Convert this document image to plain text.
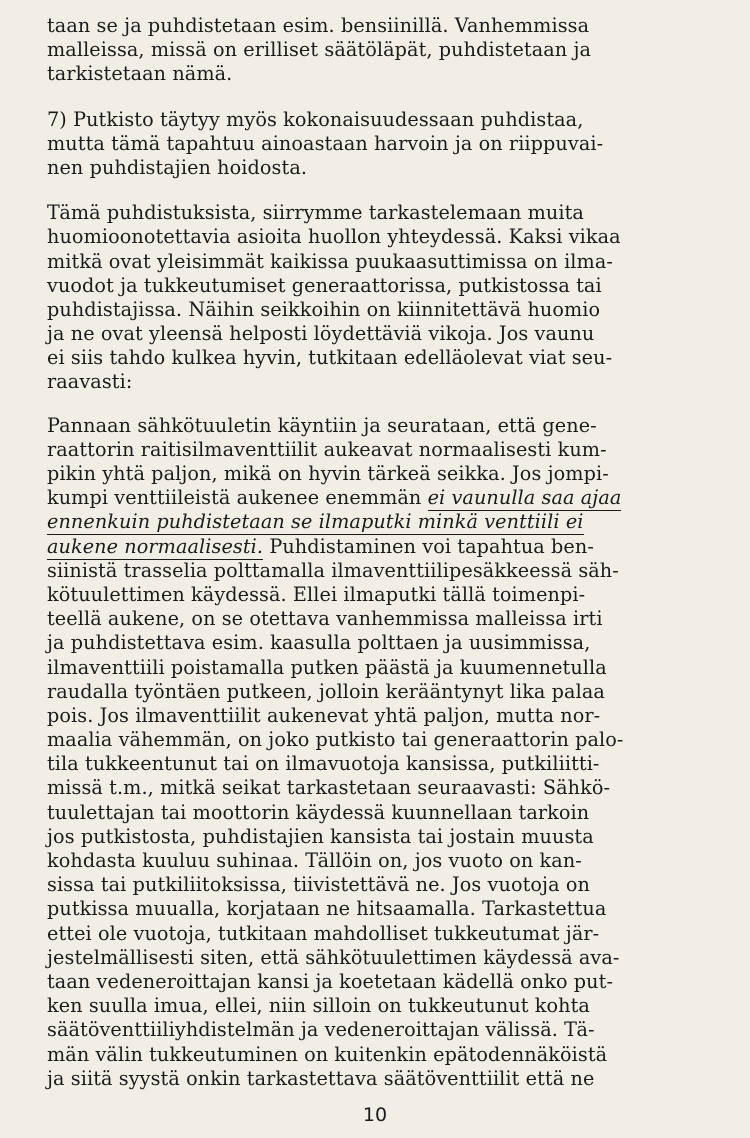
taan se ja puhdistetaan esim. bensiinillä. Vanhemmissa
malleissa, missä on erilliset säätöläpät, puhdistetaan ja
tarkistetaan nämä.
7) Putkisto täytyy myös kokonaisuudessaan puhdistaa,
mutta tämä tapahtuu ainoastaan harvoin ja on riippuvai-
nen puhdistajien hoidosta.
Tämä puhdistuksista, siirrymme tarkastelemaan muita
huomioonotettavia asioita huollon yhteydessä. Kaksi vikaa
mitkä ovat yleisimmät kaikissa puukaasuttimissa on ilma-
vuodot ja tukkeutumiset generaattorissa, putkistossa tai
puhdistajissa. Näihin seikkoihin on kiinnitettävä huomio
ja ne ovat yleensä helposti löydettäviä vikoja. Jos vaunu
ei siis tahdo kulkea hyvin, tutkitaan edelläolevat viat seu-
raavasti:
Pannaan sähkötuuletin käyntiin ja seurataan, että gene-
raattorin raitisilmaventtiilit aukeavat normaalisesti kum-
pikin yhtä paljon, mikä on hyvin tärkeä seikka. Jos jompi-
kumpi venttiileistä aukenee enemmän ei vaunulla saa ajaa
ennenkuin puhdistetaan se ilmaputki minkä venttiili ei
aukene normaalisesti. Puhdistaminen voi tapahtua ben-
siinistä trasselia polttamalla ilmaventtiilipesäkkeessä säh-
kötuulettimen käydessä. Ellei ilmaputki tällä toimenpi-
teellä aukene, on se otettava vanhemmissa malleissa irti
ja puhdistettava esim. kaasulla polttaen ja uusimmissa,
ilmaventtiili poistamalla putken päästä ja kuumennetulla
raudalla työntäen putkeen, jolloin kerääntynyt lika palaa
pois. Jos ilmaventtiilit aukenevat yhtä paljon, mutta nor-
maalia vähemmän, on joko putkisto tai generaattorin palo-
tila tukkeentunut tai on ilmavuotoja kansissa, putkiliitti-
missä t.m., mitkä seikat tarkastetaan seuraavasti: Sähkö-
tuulettajan tai moottorin käydessä kuunnellaan tarkoin
jos putkistosta, puhdistajien kansista tai jostain muusta
kohdasta kuuluu suhinaa. Tällöin on, jos vuoto on kan-
sissa tai putkiliitoksissa, tiivistettävä ne. Jos vuotoja on
putkissa muualla, korjataan ne hitsaamalla. Tarkastettua
ettei ole vuotoja, tutkitaan mahdolliset tukkeutumat jär-
jestelmällisesti siten, että sähkötuulettimen käydessä ava-
taan vedeneroittajan kansi ja koetetaan kädellä onko put-
ken suulla imua, ellei, niin silloin on tukkeutunut kohta
säätöventtiiliyhdistelmän ja vedeneroittajan välissä. Tä-
män välin tukkeutuminen on kuitenkin epätodennäköistä
ja siitä syystä onkin tarkastettava säätöventtiilit että ne
10
